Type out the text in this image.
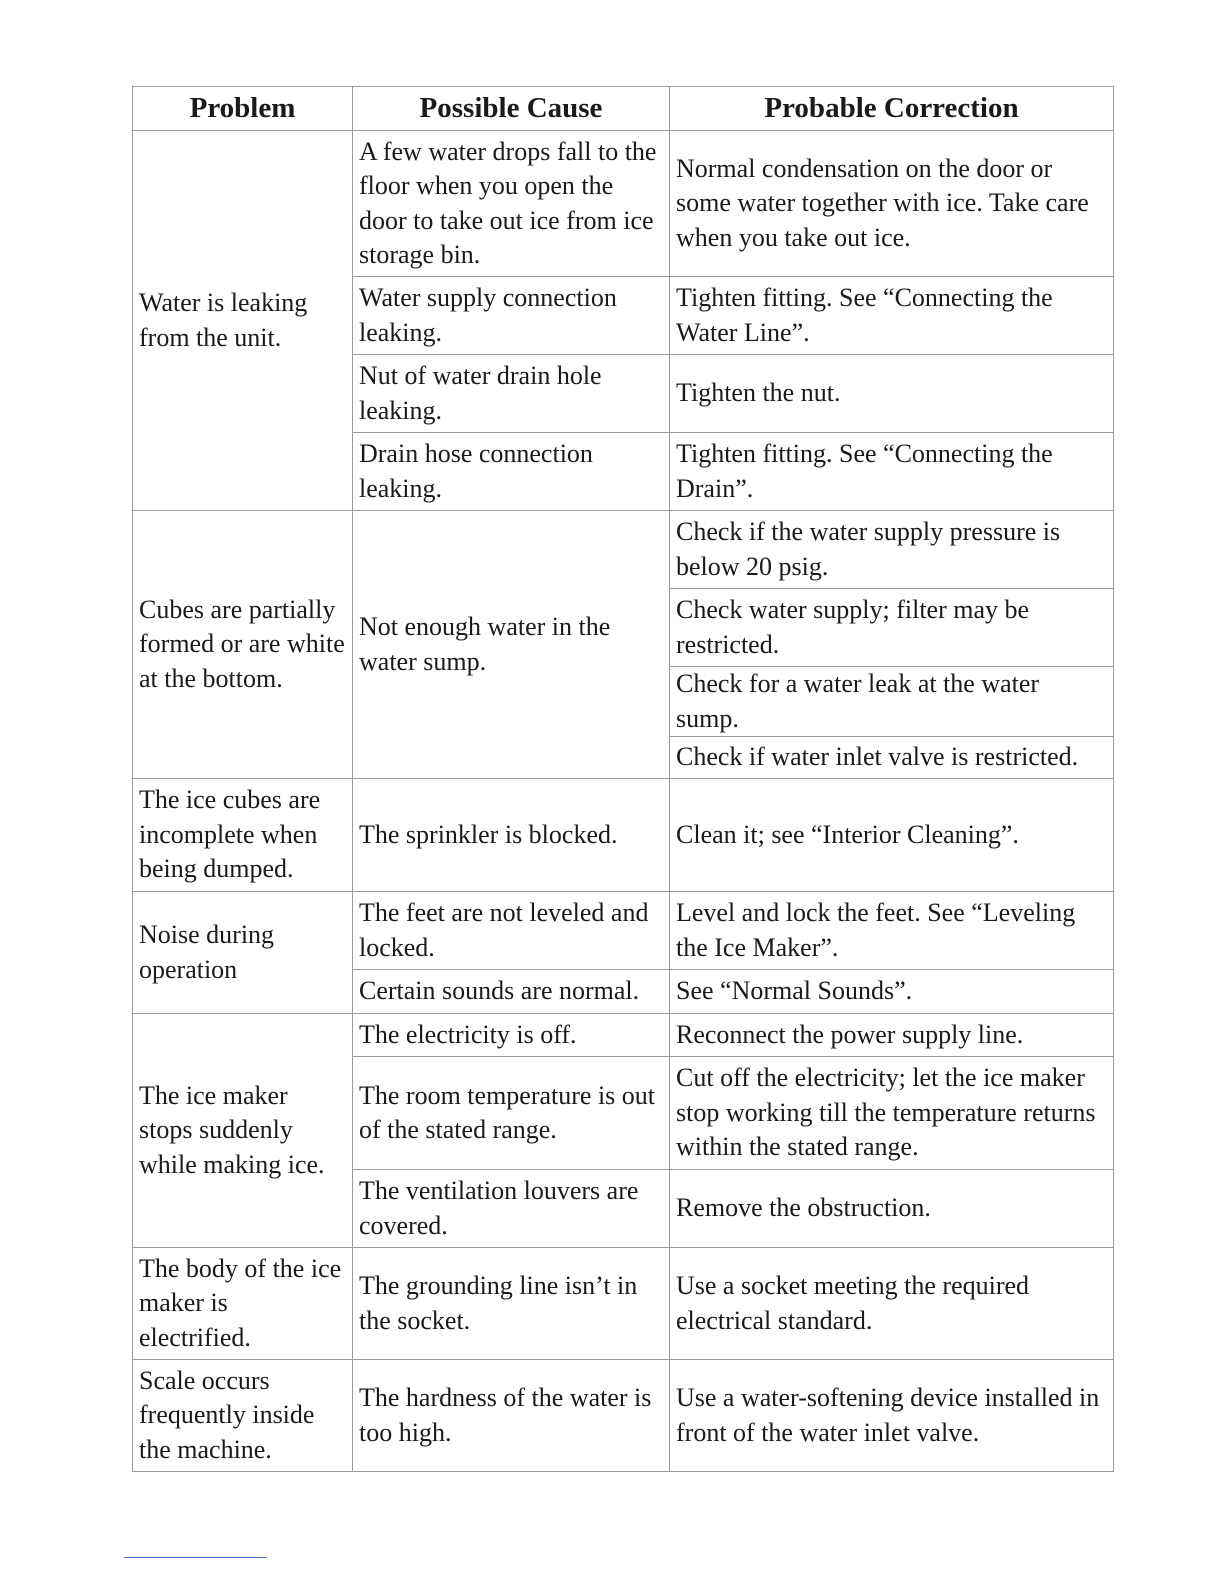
Problem	Possible Cause	Probable Correction
Water is leaking from the unit.	A few water drops fall to the floor when you open the door to take out ice from ice storage bin.	Normal condensation on the door or some water together with ice. Take care when you take out ice.
	Water supply connection leaking.	Tighten fitting. See “Connecting the Water Line”.
	Nut of water drain hole leaking.	Tighten the nut.
	Drain hose connection leaking.	Tighten fitting. See “Connecting the Drain”.
Cubes are partially formed or are white at the bottom.	Not enough water in the water sump.	Check if the water supply pressure is below 20 psig.
		Check water supply; filter may be restricted.
		Check for a water leak at the water sump.
		Check if water inlet valve is restricted.
The ice cubes are incomplete when being dumped.	The sprinkler is blocked.	Clean it; see “Interior Cleaning”.
Noise during operation	The feet are not leveled and locked.	Level and lock the feet. See “Leveling the Ice Maker”.
	Certain sounds are normal.	See “Normal Sounds”.
The ice maker stops suddenly while making ice.	The electricity is off.	Reconnect the power supply line.
	The room temperature is out of the stated range.	Cut off the electricity; let the ice maker stop working till the temperature returns within the stated range.
	The ventilation louvers are covered.	Remove the obstruction.
The body of the ice maker is electrified.	The grounding line isn’t in the socket.	Use a socket meeting the required electrical standard.
Scale occurs frequently inside the machine.	The hardness of the water is too high.	Use a water-softening device installed in front of the water inlet valve.
